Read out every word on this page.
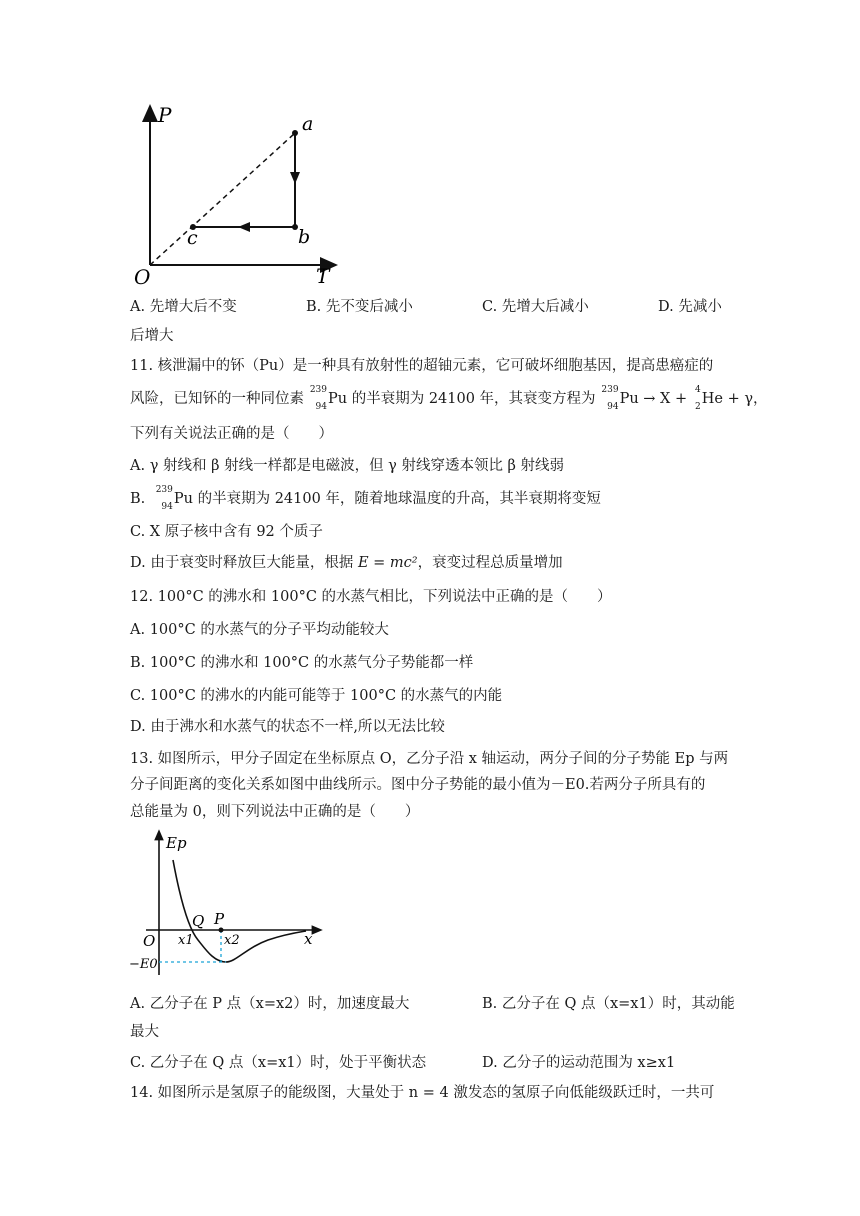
P
T
O
a
b
c
A. 先增大后不变	B. 先不变后减小	C. 先增大后减小	D. 先减小
后增大
11. 核泄漏中的钚（Pu）是一种具有放射性的超铀元素，它可破坏细胞基因，提高患癌症的
风险，已知钚的一种同位素
239
94 Pu 的半衰期为 24100 年，其衰变方程为
239
94 Pu → X +
4
2 He + γ，
下列有关说法正确的是（　　）
A. γ 射线和 β 射线一样都是电磁波，但 γ 射线穿透本领比 β 射线弱
B.
239
94 Pu 的半衰期为 24100 年，随着地球温度的升高，其半衰期将变短
C. X 原子核中含有 92 个质子
D. 由于衰变时释放巨大能量，根据 E = mc²，衰变过程总质量增加
12. 100°C 的沸水和 100°C 的水蒸气相比，下列说法中正确的是（　　）
A. 100°C 的水蒸气的分子平均动能较大
B. 100°C 的沸水和 100°C 的水蒸气分子势能都一样
C. 100°C 的沸水的内能可能等于 100°C 的水蒸气的内能
D. 由于沸水和水蒸气的状态不一样,所以无法比较
13. 如图所示，甲分子固定在坐标原点 O，乙分子沿 x 轴运动，两分子间的分子势能 Ep 与两
分子间距离的变化关系如图中曲线所示。图中分子势能的最小值为－E0.若两分子所具有的
总能量为 0，则下列说法中正确的是（　　）
Ep
x
O
Q P
x1 x2
−E0
A. 乙分子在 P 点（x=x2）时，加速度最大	B. 乙分子在 Q 点（x=x1）时，其动能
最大
C. 乙分子在 Q 点（x=x1）时，处于平衡状态	D. 乙分子的运动范围为 x≥x1
14. 如图所示是氢原子的能级图，大量处于 n = 4 激发态的氢原子向低能级跃迁时，一共可
